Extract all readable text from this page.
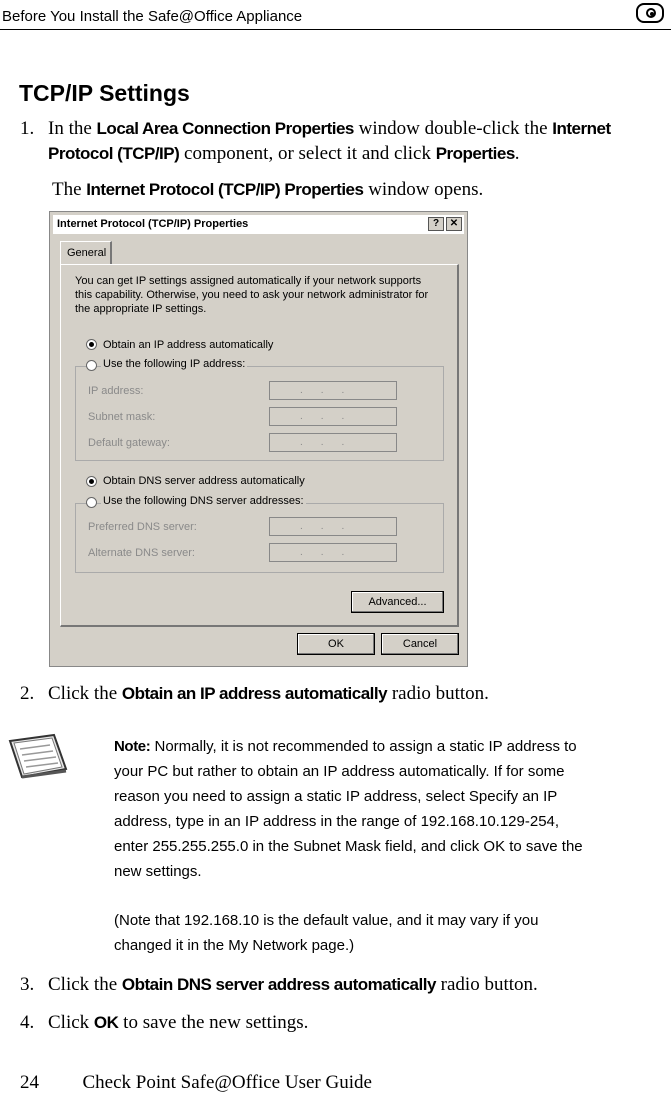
Before You Install the Safe@Office Appliance
TCP/IP Settings
1. In the Local Area Connection Properties window double-click the Internet
Protocol (TCP/IP) component, or select it and click Properties.
The Internet Protocol (TCP/IP) Properties window opens.
Internet Protocol (TCP/IP) Properties	?	✕
General
You can get IP settings assigned automatically if your network supports
this capability. Otherwise, you need to ask your network administrator for
the appropriate IP settings.
Obtain an IP address automatically
Use the following IP address:
IP address:	...
Subnet mask:	...
Default gateway:	...
Obtain DNS server address automatically
Use the following DNS server addresses:
Preferred DNS server:	...
Alternate DNS server:	...
Advanced...
OK	Cancel
2. Click the Obtain an IP address automatically radio button.
Note: Normally, it is not recommended to assign a static IP address to
your PC but rather to obtain an IP address automatically. If for some
reason you need to assign a static IP address, select Specify an IP
address, type in an IP address in the range of 192.168.10.129-254,
enter 255.255.255.0 in the Subnet Mask field, and click OK to save the
new settings.
(Note that 192.168.10 is the default value, and it may vary if you
changed it in the My Network page.)
3. Click the Obtain DNS server address automatically radio button.
4. Click OK to save the new settings.
24 Check Point Safe@Office User Guide
